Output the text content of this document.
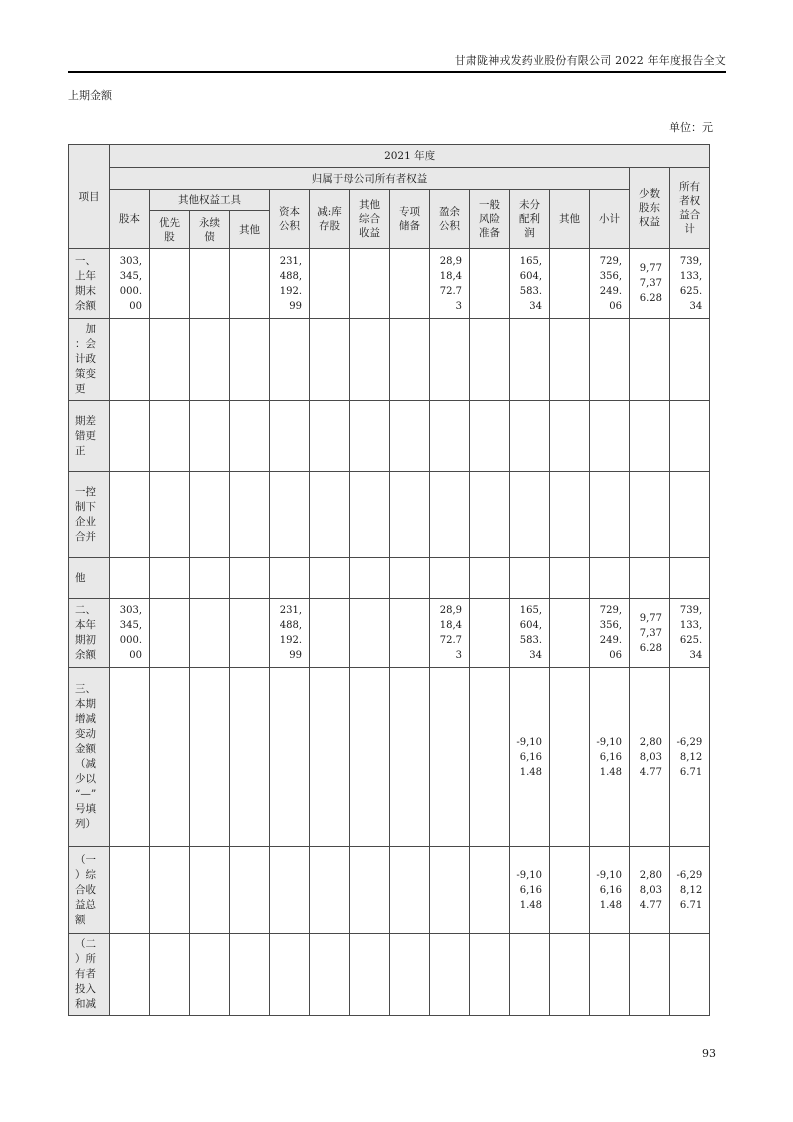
甘肃陇神戎发药业股份有限公司 2022 年年度报告全文
上期金额
单位：元
项目	2021 年度														
	归属于母公司所有者权益													少数股东权益	所有者权益合计
	股本	其他权益工具			资本公积	减:库存股	其他综合收益	专项储备	盈余公积	一般风险准备	未分配利润	其他	小计		
		优先股	永续债	其他											
一、上年期末余额	303,345,000.00				231,488,192.99				28,918,472.73		165,604,583.34		729,356,249.06	9,777,376.28	739,133,625.34
　加：会计政策变更															
期差错更正															
一控制下企业合并															
他															
二、本年期初余额	303,345,000.00				231,488,192.99				28,918,472.73		165,604,583.34		729,356,249.06	9,777,376.28	739,133,625.34
三、本期增减变动金额（减少以“—”号填列）											-9,106,161.48		-9,106,161.48	2,808,034.77	-6,298,126.71
（一）综合收益总额											-9,106,161.48		-9,106,161.48	2,808,034.77	-6,298,126.71
（二）所有者投入和减															
93
